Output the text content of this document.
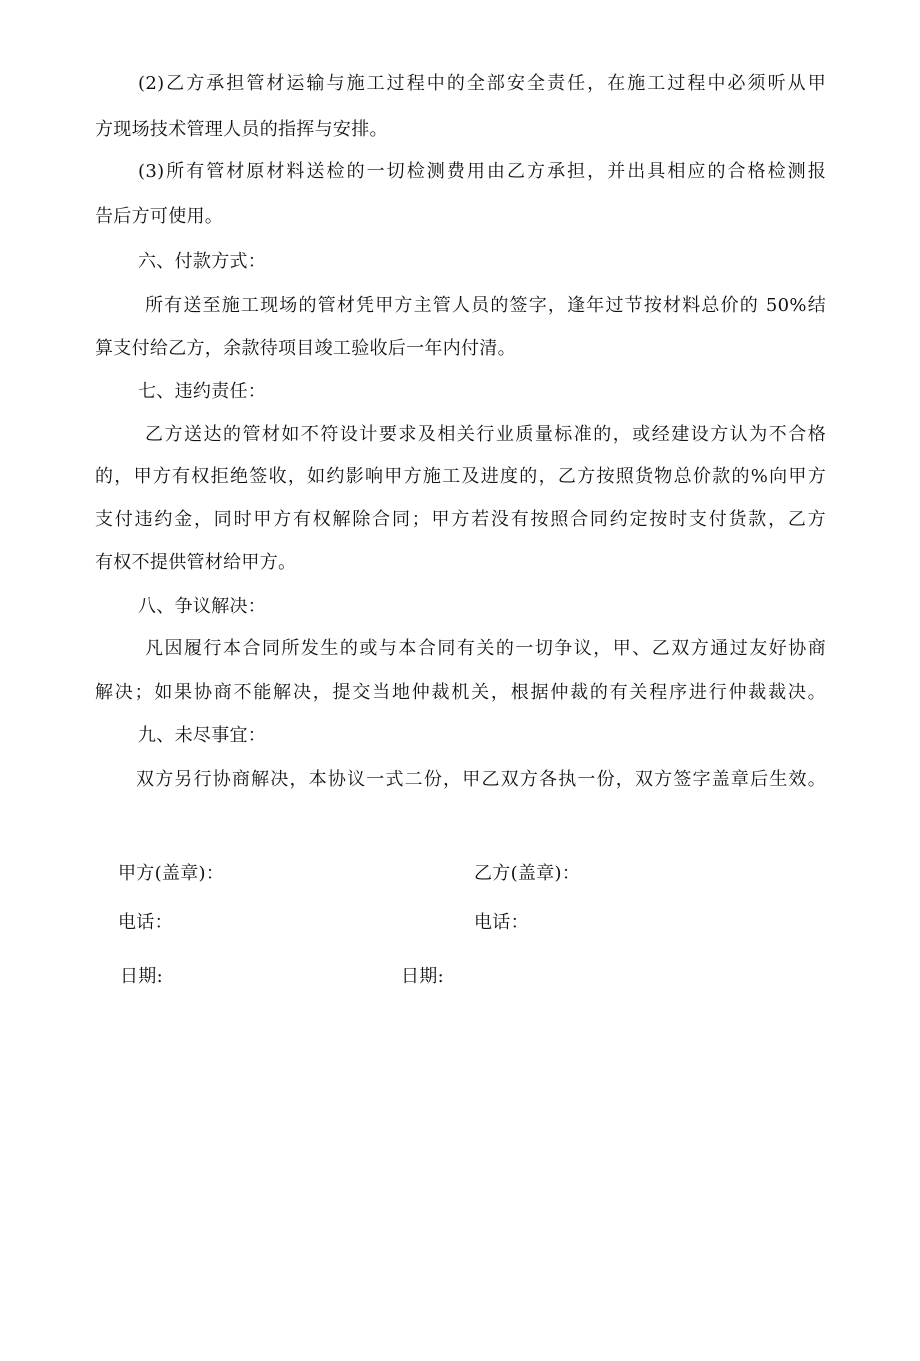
(2)乙方承担管材运输与施工过程中的全部安全责任，在施工过程中必须听从甲
方现场技术管理人员的指挥与安排。
(3)所有管材原材料送检的一切检测费用由乙方承担，并出具相应的合格检测报
告后方可使用。
六、付款方式：
所有送至施工现场的管材凭甲方主管人员的签字，逢年过节按材料总价的 50%结
算支付给乙方，余款待项目竣工验收后一年内付清。
七、违约责任：
乙方送达的管材如不符设计要求及相关行业质量标准的，或经建设方认为不合格
的，甲方有权拒绝签收，如约影响甲方施工及进度的，乙方按照货物总价款的%向甲方
支付违约金，同时甲方有权解除合同；甲方若没有按照合同约定按时支付货款，乙方
有权不提供管材给甲方。
八、争议解决：
凡因履行本合同所发生的或与本合同有关的一切争议，甲、乙双方通过友好协商
解决；如果协商不能解决，提交当地仲裁机关，根据仲裁的有关程序进行仲裁裁决。
九、未尽事宜：
双方另行协商解决，本协议一式二份，甲乙双方各执一份，双方签字盖章后生效。
甲方(盖章)：	乙方(盖章)：
电话：	电话：
日期:	日期:
